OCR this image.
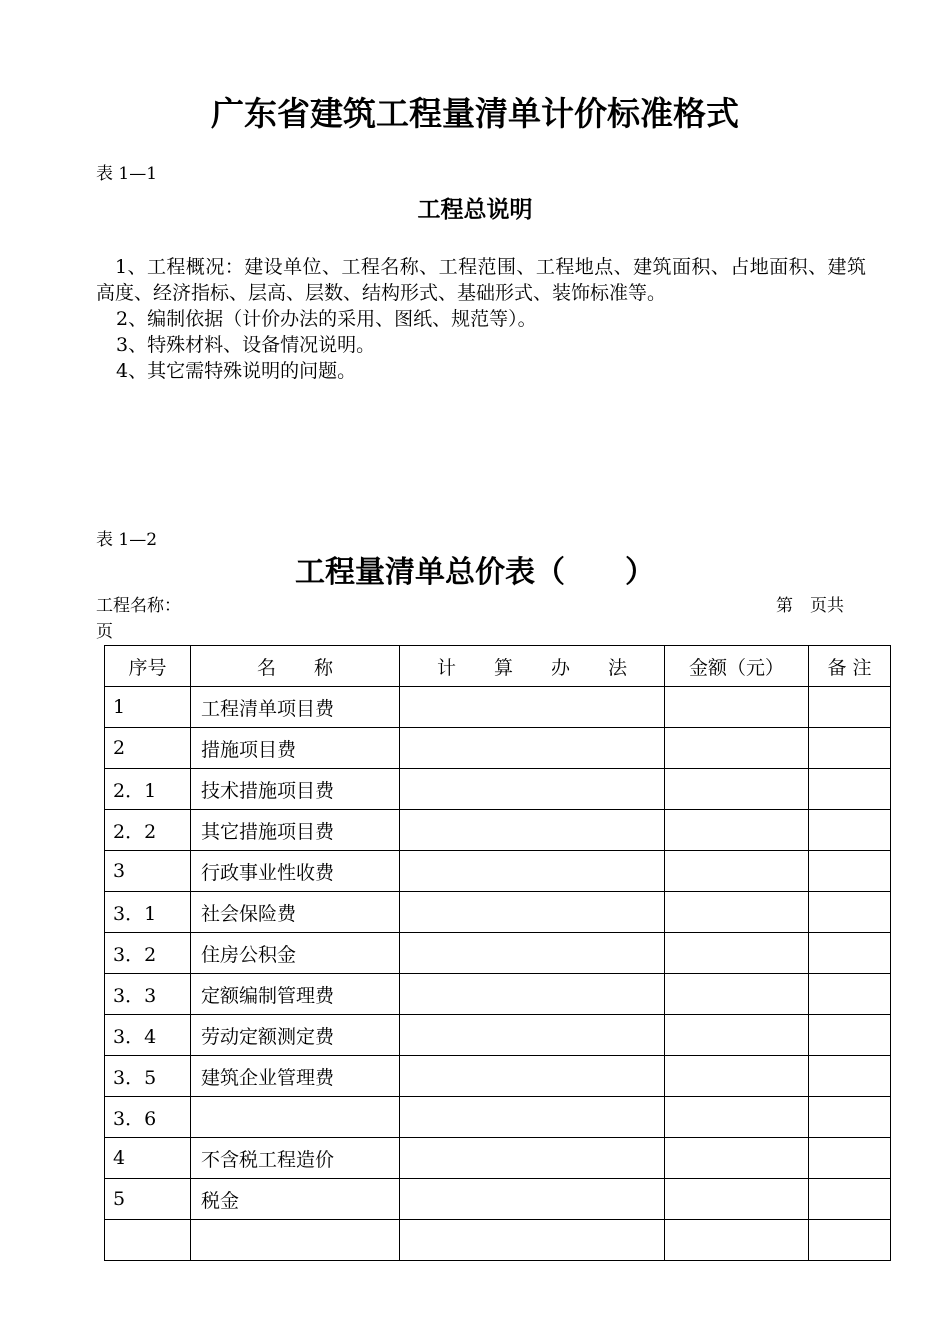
广东省建筑工程量清单计价标准格式
表 1—1
工程总说明

1、工程概况：建设单位、工程名称、工程范围、工程地点、建筑面积、占地面积、建筑高度、经济指标、层高、层数、结构形式、基础形式、装饰标准等。

2、编制依据（计价办法的采用、图纸、规范等）。

3、特殊材料、设备情况说明。

4、其它需特殊说明的问题。

表 1—2
工程量清单总价表（　　）
工程名称：	第　页共
页
序号	名　　称	计　　算　　办　　法	金额（元）	备 注
1	工程清单项目费			
2	措施项目费			
2．1	技术措施项目费			
2．2	其它措施项目费			
3	行政事业性收费			
3．1	社会保险费			
3．2	住房公积金			
3．3	定额编制管理费			
3．4	劳动定额测定费			
3．5	建筑企业管理费			
3．6				
4	不含税工程造价			
5	税金			
